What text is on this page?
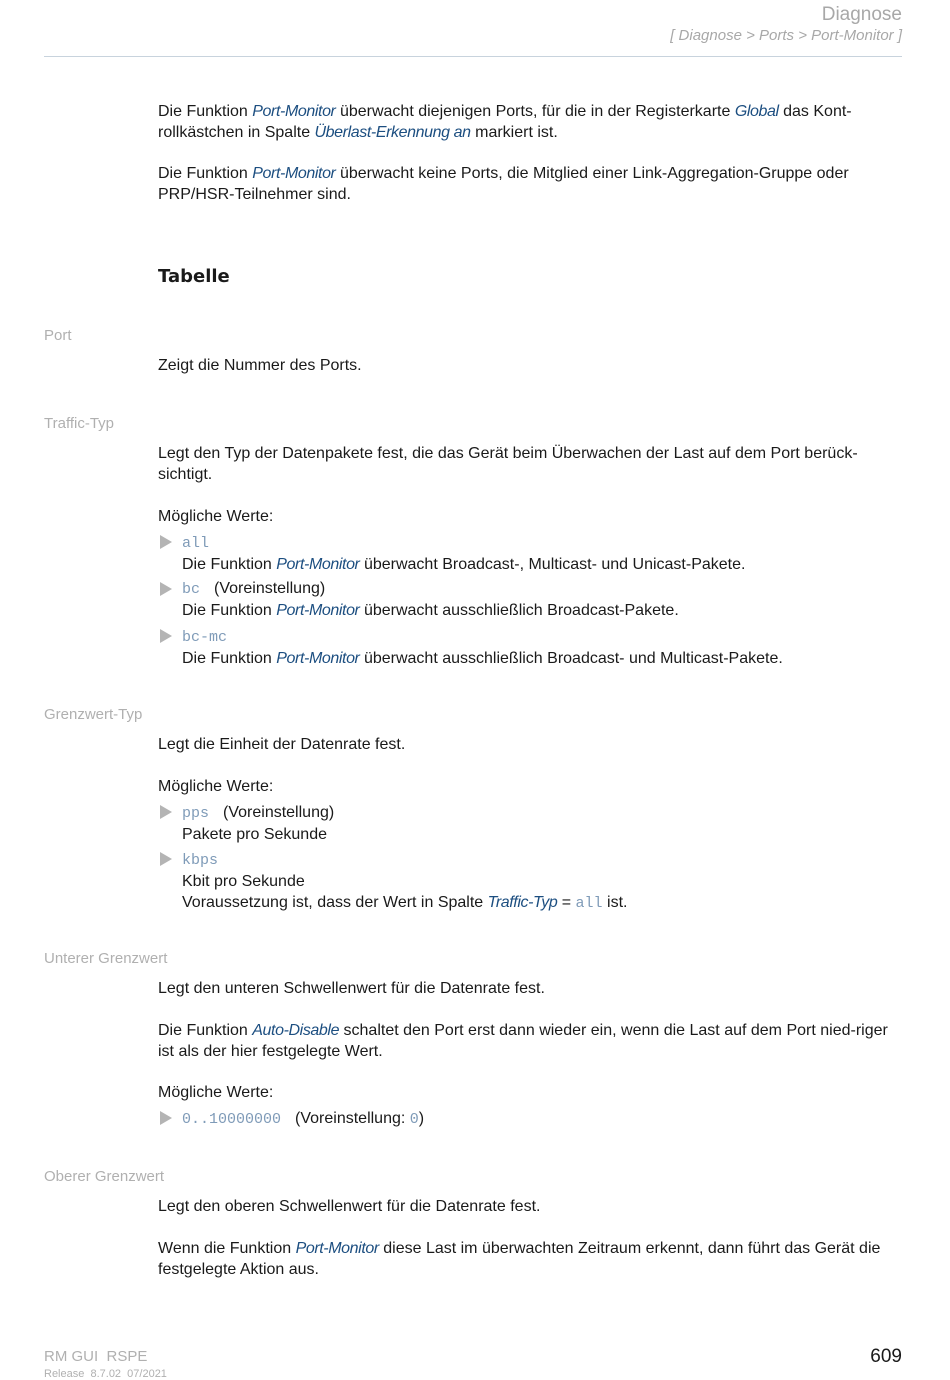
Diagnose
[ Diagnose > Ports > Port-Monitor ]

Die Funktion Port-Monitor überwacht diejenigen Ports, für die in der Registerkarte Global das Kont-rollkästchen in Spalte Überlast-Erkennung an markiert ist.

Die Funktion Port-Monitor überwacht keine Ports, die Mitglied einer Link-Aggregation-Gruppe oder PRP/HSR-Teilnehmer sind.

Tabelle
Port

Zeigt die Nummer des Ports.

Traffic-Typ

Legt den Typ der Datenpakete fest, die das Gerät beim Überwachen der Last auf dem Port berück-sichtigt.

Mögliche Werte:

all
Die Funktion Port-Monitor überwacht Broadcast-, Multicast- und Unicast-Pakete.
bc (Voreinstellung)
Die Funktion Port-Monitor überwacht ausschließlich Broadcast-Pakete.
bc-mc
Die Funktion Port-Monitor überwacht ausschließlich Broadcast- und Multicast-Pakete.
Grenzwert-Typ

Legt die Einheit der Datenrate fest.

Mögliche Werte:

pps (Voreinstellung)
Pakete pro Sekunde
kbps
Kbit pro Sekunde
Voraussetzung ist, dass der Wert in Spalte Traffic-Typ = all ist.
Unterer Grenzwert

Legt den unteren Schwellenwert für die Datenrate fest.

Die Funktion Auto-Disable schaltet den Port erst dann wieder ein, wenn die Last auf dem Port nied-riger ist als der hier festgelegte Wert.

Mögliche Werte:

0..10000000 (Voreinstellung: 0)
Oberer Grenzwert

Legt den oberen Schwellenwert für die Datenrate fest.

Wenn die Funktion Port-Monitor diese Last im überwachten Zeitraum erkennt, dann führt das Gerät die festgelegte Aktion aus.

RM GUI  RSPE
Release  8.7.02  07/2021
609
